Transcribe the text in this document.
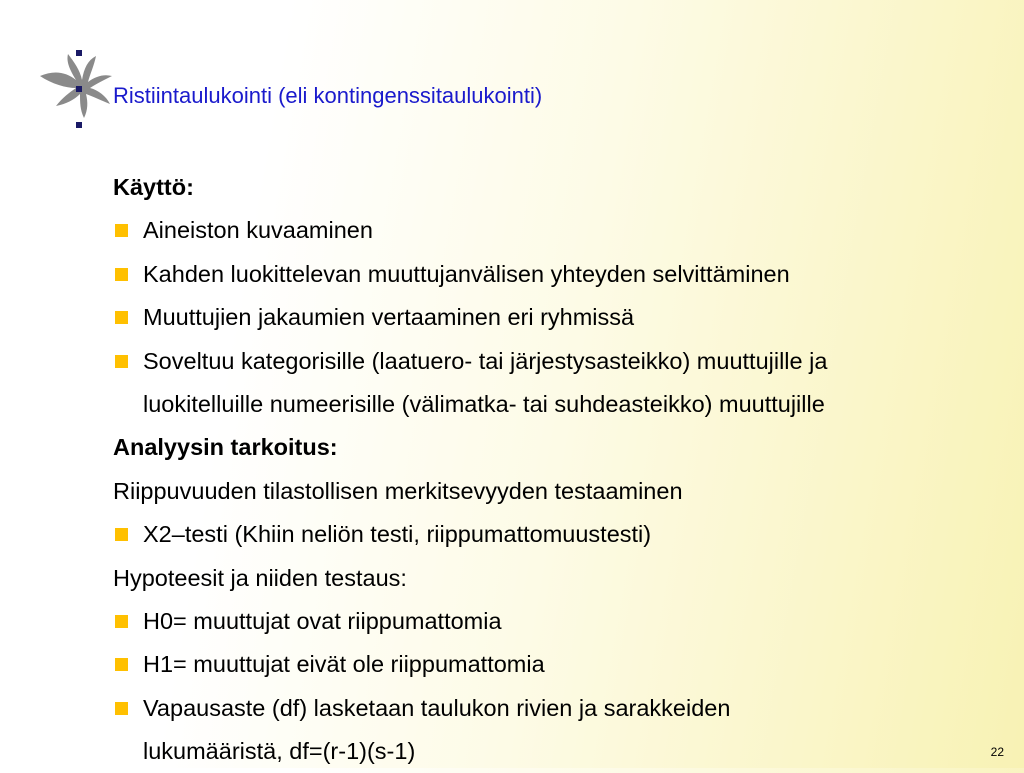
Ristiintaulukointi (eli kontingenssitaulukointi)
Käyttö:
Aineiston kuvaaminen
Kahden luokittelevan muuttujanvälisen yhteyden selvittäminen
Muuttujien jakaumien vertaaminen eri ryhmissä
Soveltuu kategorisille (laatuero- tai järjestysasteikko) muuttujille ja
luokitelluille numeerisille (välimatka- tai suhdeasteikko) muuttujille
Analyysin tarkoitus:
Riippuvuuden tilastollisen merkitsevyyden testaaminen
X2–testi (Khiin neliön testi, riippumattomuustesti)
Hypoteesit ja niiden testaus:
H0= muuttujat ovat riippumattomia
H1= muuttujat eivät ole riippumattomia
Vapausaste (df) lasketaan taulukon rivien ja sarakkeiden
lukumääristä, df=(r-1)(s-1)	22
